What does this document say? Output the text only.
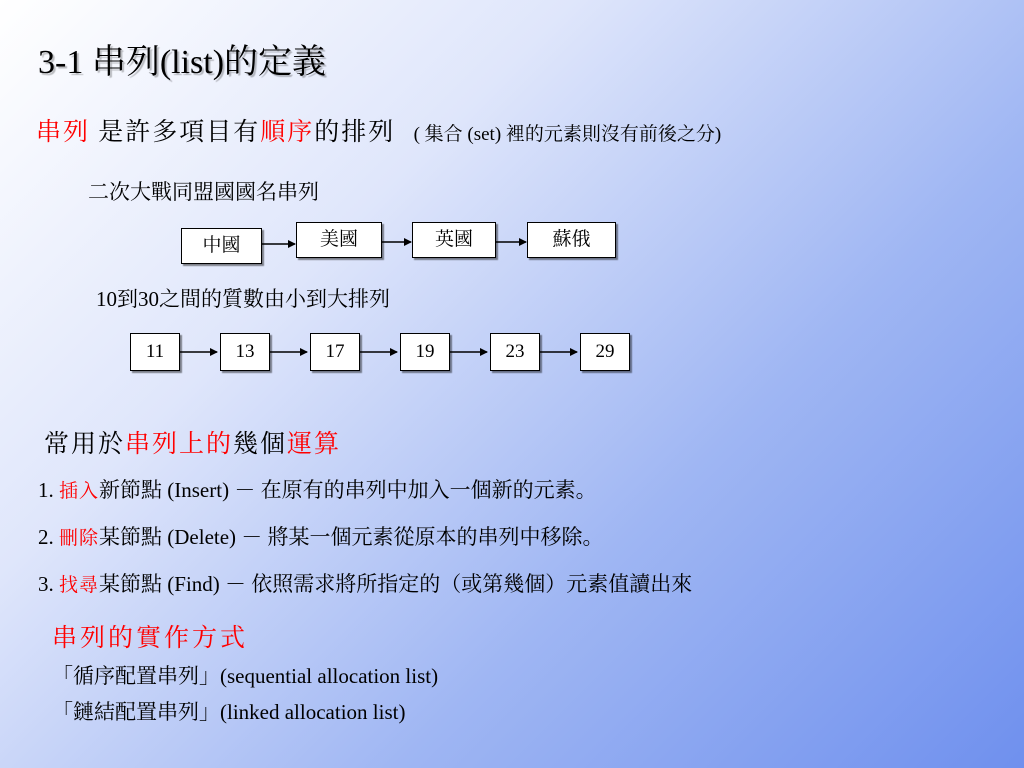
3-1 串列(list)的定義
串列 是許多項目有順序的排列 ( 集合 (set) 裡的元素則沒有前後之分)
二次大戰同盟國國名串列
中國	美國	英國	蘇俄
10到30之間的質數由小到大排列
11	13	17	19	23	29
常用於串列上的幾個運算
1. 插入新節點 (Insert) － 在原有的串列中加入一個新的元素。
2. 刪除某節點 (Delete) － 將某一個元素從原本的串列中移除。
3. 找尋某節點 (Find) － 依照需求將所指定的（或第幾個）元素值讀出來
串列的實作方式
「循序配置串列」(sequential allocation list)
「鏈結配置串列」(linked allocation list)
